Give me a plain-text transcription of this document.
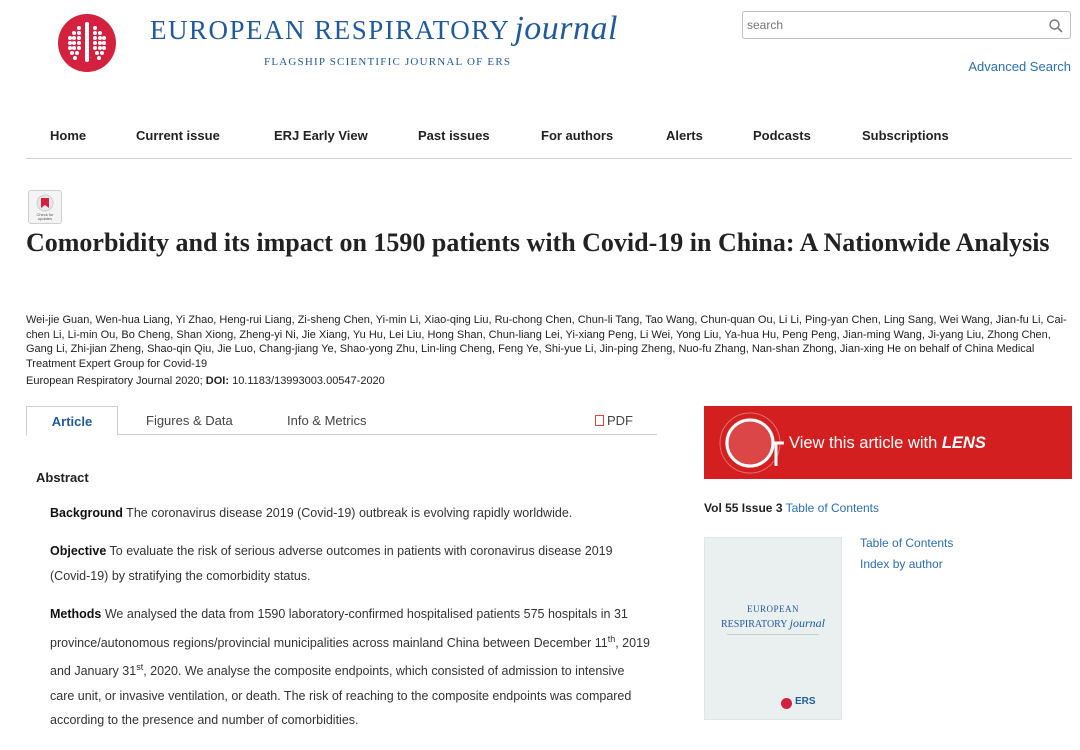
EUROPEAN RESPIRATORY journal
FLAGSHIP SCIENTIFIC JOURNAL OF ERS
search	Advanced Search
Home	Current issue	ERJ Early View	Past issues	For authors	Alerts	Podcasts	Subscriptions
Check for updates
Comorbidity and its impact on 1590 patients with Covid-19 in China: A Nationwide Analysis
Wei-jie Guan, Wen-hua Liang, Yi Zhao, Heng-rui Liang, Zi-sheng Chen, Yi-min Li, Xiao-qing Liu, Ru-chong Chen, Chun-li Tang, Tao Wang, Chun-quan Ou, Li Li, Ping-yan Chen, Ling Sang, Wei Wang, Jian-fu Li, Cai-chen Li, Li-min Ou, Bo Cheng, Shan Xiong, Zheng-yi Ni, Jie Xiang, Yu Hu, Lei Liu, Hong Shan, Chun-liang Lei, Yi-xiang Peng, Li Wei, Yong Liu, Ya-hua Hu, Peng Peng, Jian-ming Wang, Ji-yang Liu, Zhong Chen, Gang Li, Zhi-jian Zheng, Shao-qin Qiu, Jie Luo, Chang-jiang Ye, Shao-yong Zhu, Lin-ling Cheng, Feng Ye, Shi-yue Li, Jin-ping Zheng, Nuo-fu Zhang, Nan-shan Zhong, Jian-xing He on behalf of China Medical Treatment Expert Group for Covid-19
European Respiratory Journal 2020; DOI: 10.1183/13993003.00547-2020
Article	Figures & Data	Info & Metrics	PDF
Abstract

Background The coronavirus disease 2019 (Covid-19) outbreak is evolving rapidly worldwide.

Objective To evaluate the risk of serious adverse outcomes in patients with coronavirus disease 2019 (Covid-19) by stratifying the comorbidity status.

Methods We analysed the data from 1590 laboratory-confirmed hospitalised patients 575 hospitals in 31 province/autonomous regions/provincial municipalities across mainland China between December 11th, 2019 and January 31st, 2020. We analyse the composite endpoints, which consisted of admission to intensive care unit, or invasive ventilation, or death. The risk of reaching to the composite endpoints was compared according to the presence and number of comorbidities.

View this article with LENS
Vol 55 Issue 3 Table of Contents
EUROPEAN
RESPIRATORY journal
ERS
Table of Contents
Index by author
